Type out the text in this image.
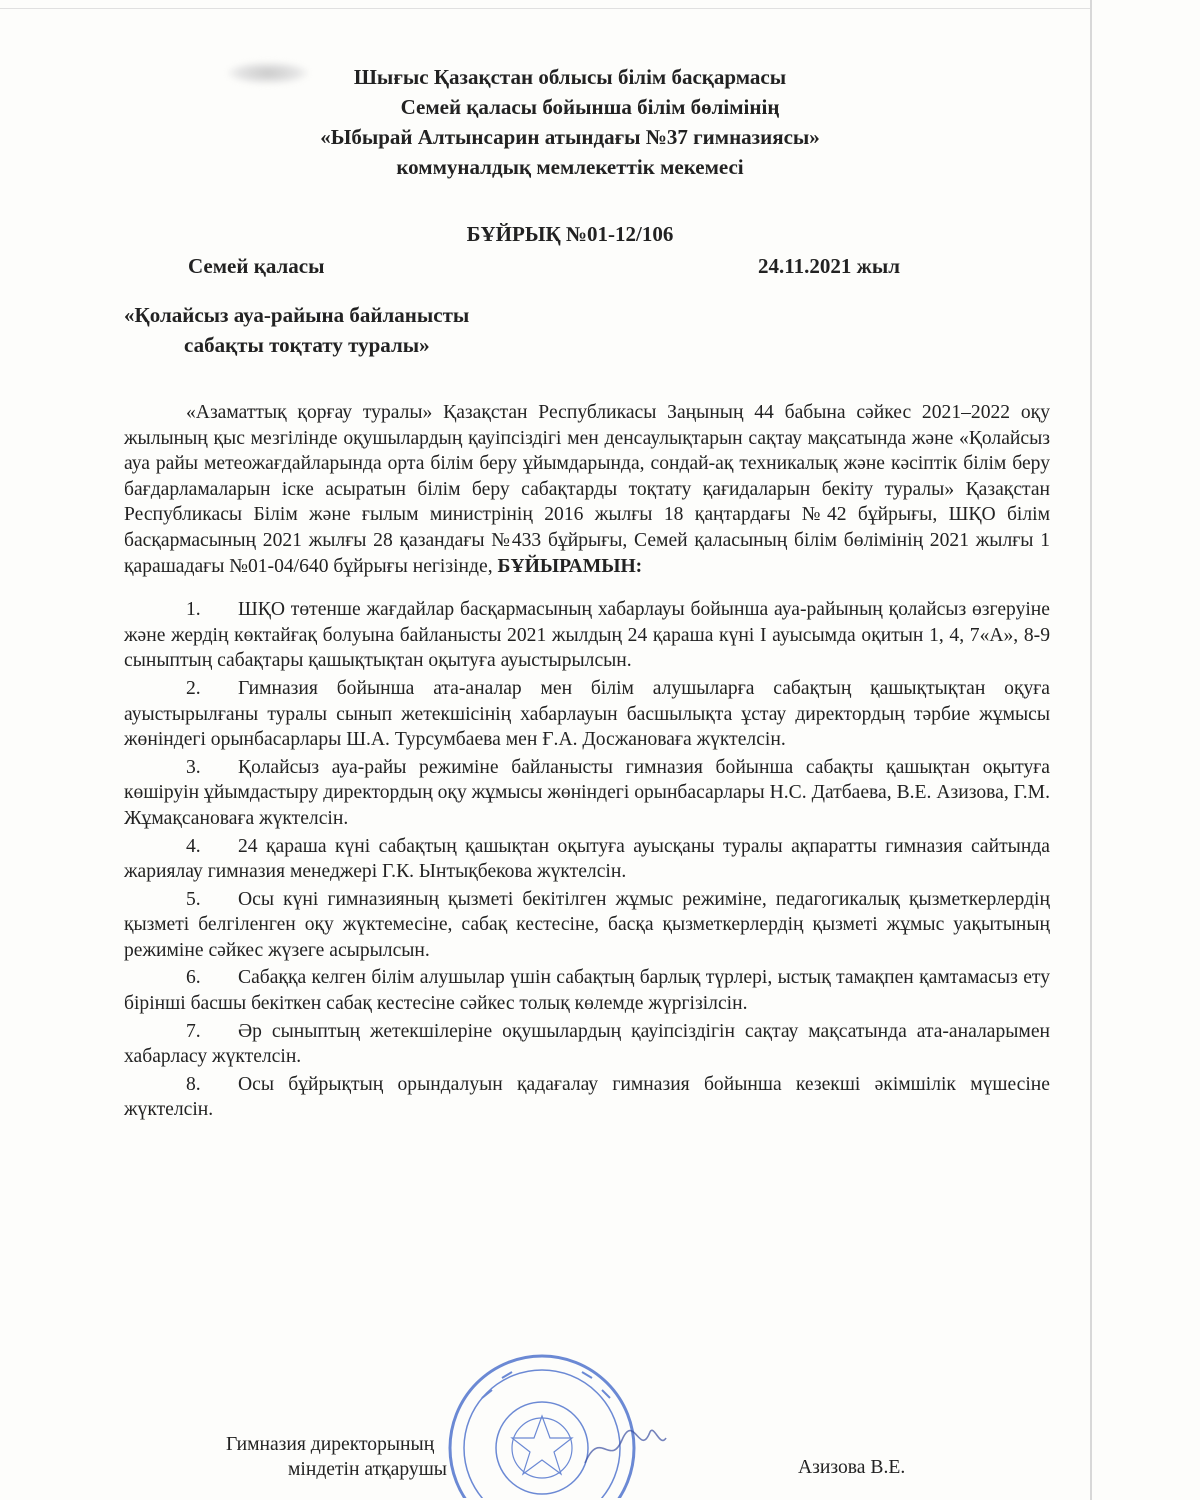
Шығыс Қазақстан облысы білім басқармасы
Семей қаласы бойынша білім бөлімінің
«Ыбырай Алтынсарин атындағы №37 гимназиясы»
коммуналдық мемлекеттік мекемесі
БҰЙРЫҚ №01-12/106
Семей қаласы	24.11.2021 жыл
«Қолайсыз ауа-райына байланысты
сабақты тоқтату туралы»

«Азаматтық қорғау туралы» Қазақстан Республикасы Заңының 44 бабына сәйкес 2021–2022 оқу жылының қыс мезгілінде оқушылардың қауіпсіздігі мен денсаулықтарын сақтау мақсатында және «Қолайсыз ауа райы метеожағдайларында орта білім беру ұйымдарында, сондай-ақ техникалық және кәсіптік білім беру бағдарламаларын іске асыратын білім беру сабақтарды тоқтату қағидаларын бекіту туралы» Қазақстан Республикасы Білім және ғылым министрінің 2016 жылғы 18 қаңтардағы №42 бұйрығы, ШҚО білім басқармасының 2021 жылғы 28 қазандағы №433 бұйрығы, Семей қаласының білім бөлімінің 2021 жылғы 1 қарашадағы №01-04/640 бұйрығы негізінде, БҰЙЫРАМЫН:

1. ШҚО төтенше жағдайлар басқармасының хабарлауы бойынша ауа-райының қолайсыз өзгеруіне және жердің көктайғақ болуына байланысты 2021 жылдың 24 қараша күні І ауысымда оқитын 1, 4, 7«А», 8-9 сыныптың сабақтары қашықтықтан оқытуға ауыстырылсын.
2. Гимназия бойынша ата-аналар мен білім алушыларға сабақтың қашықтықтан оқуға ауыстырылғаны туралы сынып жетекшісінің хабарлауын басшылықта ұстау директордың тәрбие жұмысы жөніндегі орынбасарлары Ш.А. Турсумбаева мен Ғ.А. Досжановаға жүктелсін.
3. Қолайсыз ауа-райы режиміне байланысты гимназия бойынша сабақты қашықтан оқытуға көшіруін ұйымдастыру директордың оқу жұмысы жөніндегі орынбасарлары Н.С. Датбаева, В.Е. Азизова, Г.М. Жұмақсановаға жүктелсін.
4. 24 қараша күні сабақтың қашықтан оқытуға ауысқаны туралы ақпаратты гимназия сайтында жариялау гимназия менеджері Г.К. Ынтықбекова жүктелсін.
5. Осы күні гимназияның қызметі бекітілген жұмыс режиміне, педагогикалық қызметкерлердің қызметі белгіленген оқу жүктемесіне, сабақ кестесіне, басқа қызметкерлердің қызметі жұмыс уақытының режиміне сәйкес жүзеге асырылсын.
6. Сабаққа келген білім алушылар үшін сабақтың барлық түрлері, ыстық тамақпен қамтамасыз ету бірінші басшы бекіткен сабақ кестесіне сәйкес толық көлемде жүргізілсін.
7. Әр сыныптың жетекшілеріне оқушылардың қауіпсіздігін сақтау мақсатында ата-аналарымен хабарласу жүктелсін.
8. Осы бұйрықтың орындалуын қадағалау гимназия бойынша кезекші әкімшілік мүшесіне жүктелсін.
Гимназия директорының
міндетін атқарушы	Азизова В.Е.
